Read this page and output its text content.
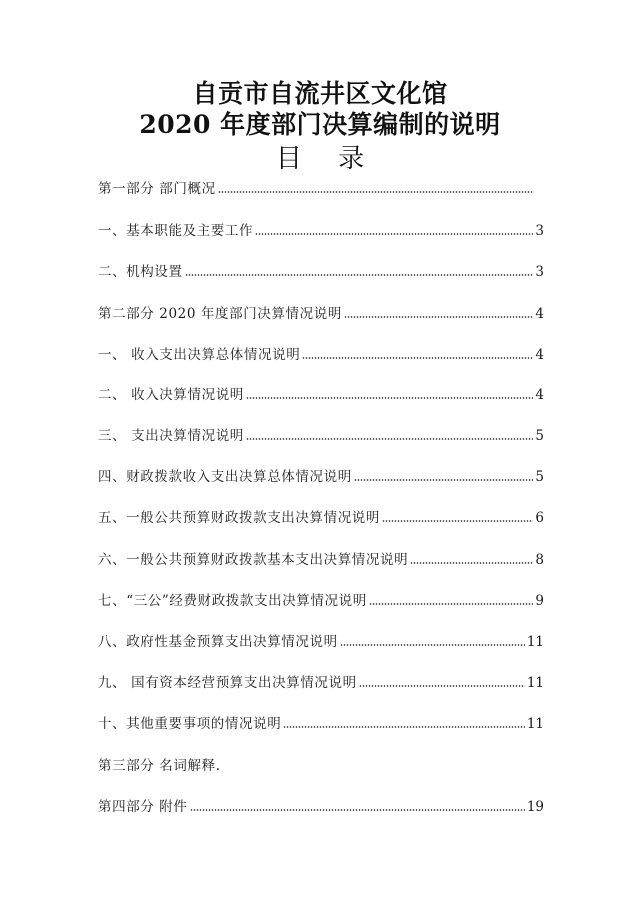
自贡市自流井区文化馆
2020 年度部门决算编制的说明
目 录
第一部分 部门概况
一、基本职能及主要工作	3
二、机构设置	3
第二部分 2020 年度部门决算情况说明	4
一、 收入支出决算总体情况说明	4
二、 收入决算情况说明	4
三、 支出决算情况说明	5
四、财政拨款收入支出决算总体情况说明	5
五、一般公共预算财政拨款支出决算情况说明	6
六、一般公共预算财政拨款基本支出决算情况说明	8
七、“三公”经费财政拨款支出决算情况说明	9
八、政府性基金预算支出决算情况说明	11
九、 国有资本经营预算支出决算情况说明	11
十、其他重要事项的情况说明	11
第三部分 名词解释.
第四部分 附件	19
